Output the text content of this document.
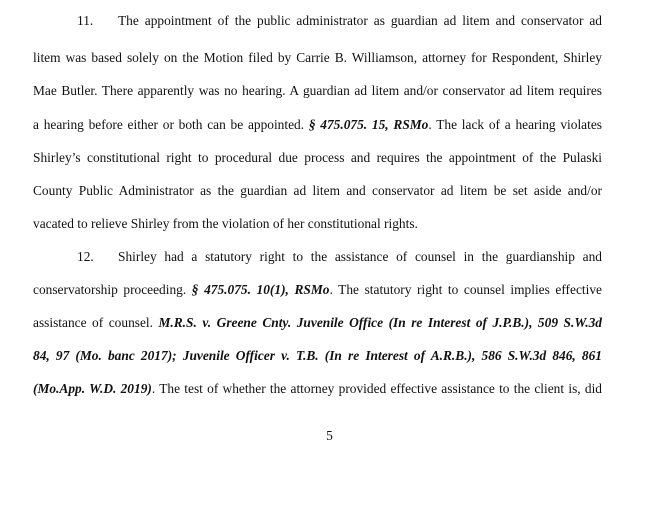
11. The appointment of the public administrator as guardian ad litem and conservator ad
litem was based solely on the Motion filed by Carrie B. Williamson, attorney for Respondent, Shirley
Mae Butler. There apparently was no hearing. A guardian ad litem and/or conservator ad litem requires
a hearing before either or both can be appointed. § 475.075. 15, RSMo. The lack of a hearing violates
Shirley’s constitutional right to procedural due process and requires the appointment of the Pulaski
County Public Administrator as the guardian ad litem and conservator ad litem be set aside and/or
vacated to relieve Shirley from the violation of her constitutional rights.
12. Shirley had a statutory right to the assistance of counsel in the guardianship and
conservatorship proceeding. § 475.075. 10(1), RSMo. The statutory right to counsel implies effective
assistance of counsel. M.R.S. v. Greene Cnty. Juvenile Office (In re Interest of J.P.B.), 509 S.W.3d
84, 97 (Mo. banc 2017); Juvenile Officer v. T.B. (In re Interest of A.R.B.), 586 S.W.3d 846, 861
(Mo.App. W.D. 2019). The test of whether the attorney provided effective assistance to the client is, did
5
